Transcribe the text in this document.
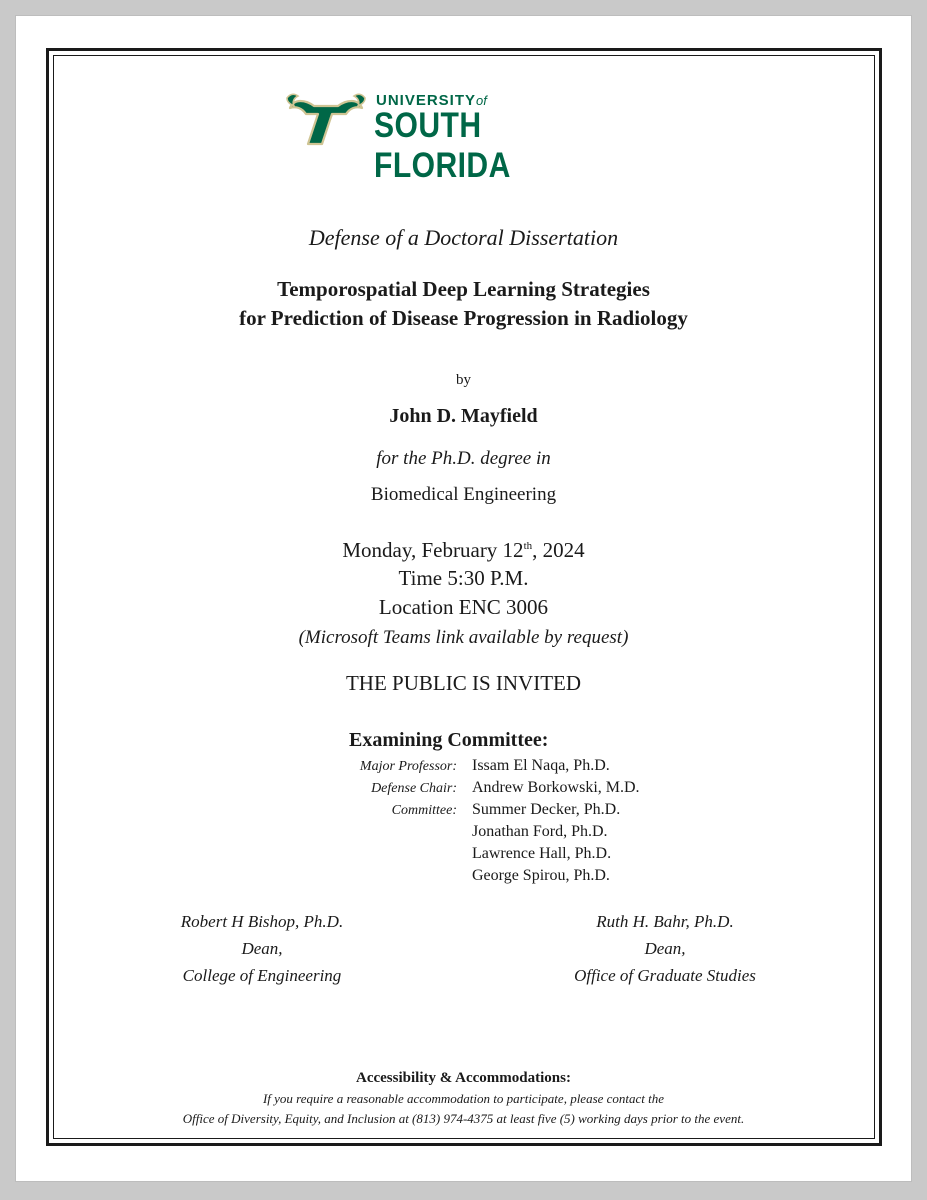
UNIVERSITYof
SOUTH FLORIDA
Defense of a Doctoral Dissertation
Temporospatial Deep Learning Strategies
for Prediction of Disease Progression in Radiology
by
John D. Mayfield
for the Ph.D. degree in
Biomedical Engineering
Monday, February 12th, 2024
Time 5:30 P.M.
Location ENC 3006
(Microsoft Teams link available by request)
THE PUBLIC IS INVITED
Examining Committee:
Major Professor: Issam El Naqa, Ph.D.
Defense Chair: Andrew Borkowski, M.D.
Committee: Summer Decker, Ph.D.
Jonathan Ford, Ph.D.
Lawrence Hall, Ph.D.
George Spirou, Ph.D.
Robert H Bishop, Ph.D.
Dean,
College of Engineering
Ruth H. Bahr, Ph.D.
Dean,
Office of Graduate Studies
Accessibility & Accommodations:
If you require a reasonable accommodation to participate, please contact the
Office of Diversity, Equity, and Inclusion at (813) 974-4375 at least five (5) working days prior to the event.
